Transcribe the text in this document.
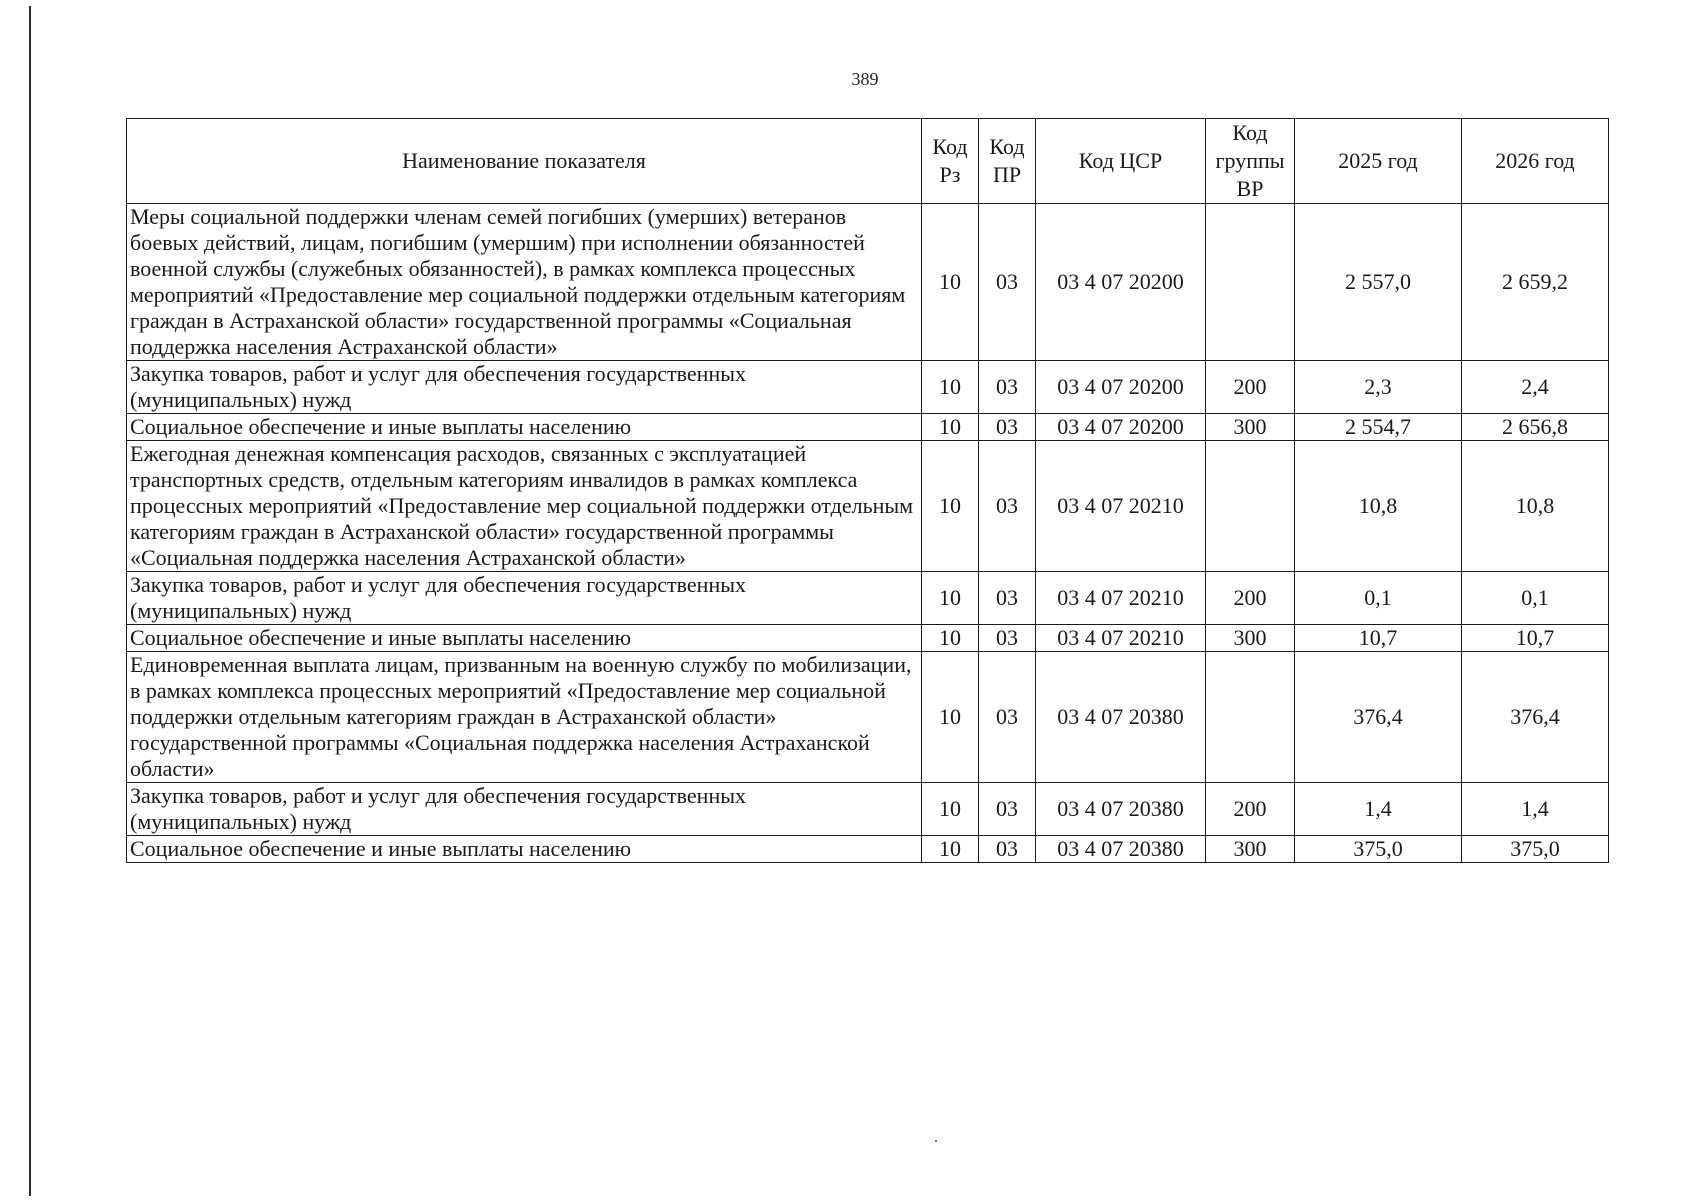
389
Наименование показателя	Код Рз	Код ПР	Код ЦСР	Код группы ВР	2025 год	2026 год
Меры социальной поддержки членам семей погибших (умерших) ветеранов боевых действий, лицам, погибшим (умершим) при исполнении обязанностей военной службы (служебных обязанностей), в рамках комплекса процессных мероприятий «Предоставление мер социальной поддержки отдельным категориям граждан в Астраханской области» государственной программы «Социальная поддержка населения Астраханской области»	10	03	03 4 07 20200		2 557,0	2 659,2
Закупка товаров, работ и услуг для обеспечения государственных (муниципальных) нужд	10	03	03 4 07 20200	200	2,3	2,4
Социальное обеспечение и иные выплаты населению	10	03	03 4 07 20200	300	2 554,7	2 656,8
Ежегодная денежная компенсация расходов, связанных с эксплуатацией транспортных средств, отдельным категориям инвалидов в рамках комплекса процессных мероприятий «Предоставление мер социальной поддержки отдельным категориям граждан в Астраханской области» государственной программы «Социальная поддержка населения Астраханской области»	10	03	03 4 07 20210		10,8	10,8
Закупка товаров, работ и услуг для обеспечения государственных (муниципальных) нужд	10	03	03 4 07 20210	200	0,1	0,1
Социальное обеспечение и иные выплаты населению	10	03	03 4 07 20210	300	10,7	10,7
Единовременная выплата лицам, призванным на военную службу по мобилизации, в рамках комплекса процессных мероприятий «Предоставление мер социальной поддержки отдельным категориям граждан в Астраханской области» государственной программы «Социальная поддержка населения Астраханской области»	10	03	03 4 07 20380		376,4	376,4
Закупка товаров, работ и услуг для обеспечения государственных (муниципальных) нужд	10	03	03 4 07 20380	200	1,4	1,4
Социальное обеспечение и иные выплаты населению	10	03	03 4 07 20380	300	375,0	375,0
